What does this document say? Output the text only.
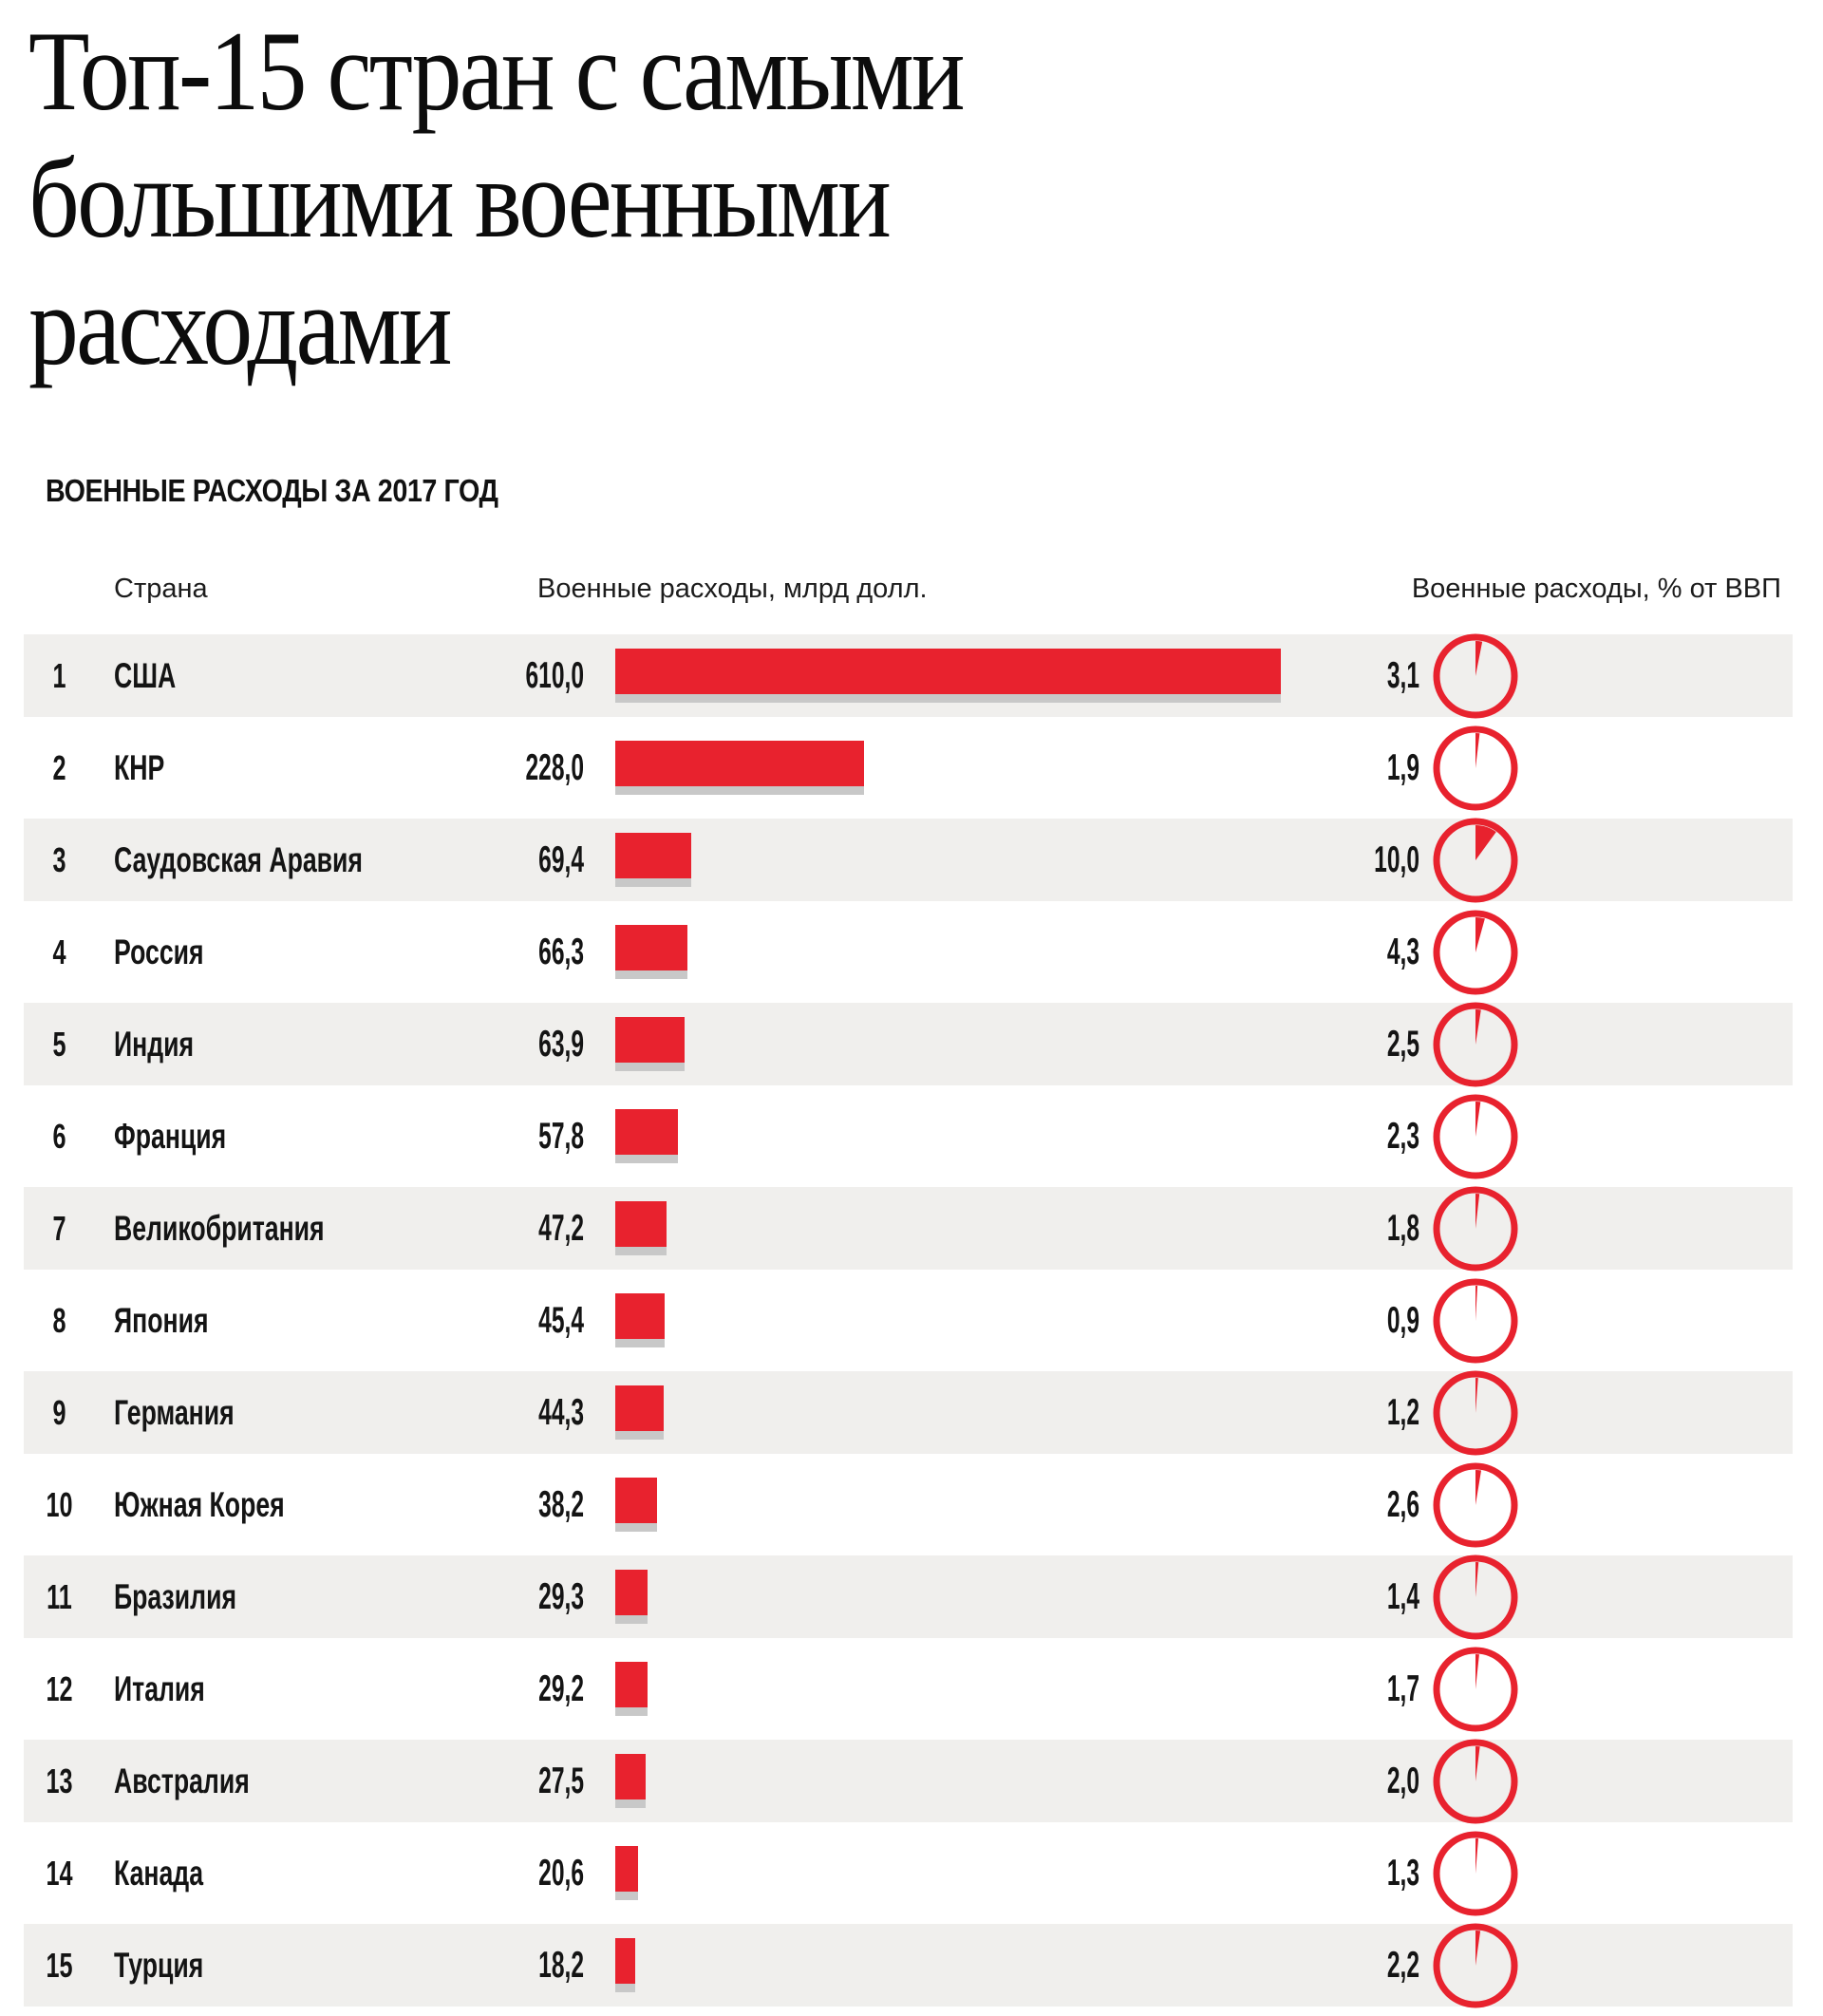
Топ-15 стран с самыми
большими военными
расходами
ВОЕННЫЕ РАСХОДЫ ЗА 2017 ГОД
Страна	Военные расходы, млрд долл.	Военные расходы, % от ВВП
1	США	610,0	3,1
2	КНР	228,0	1,9
3	Саудовская Аравия	69,4	10,0
4	Россия	66,3	4,3
5	Индия	63,9	2,5
6	Франция	57,8	2,3
7	Великобритания	47,2	1,8
8	Япония	45,4	0,9
9	Германия	44,3	1,2
10	Южная Корея	38,2	2,6
11	Бразилия	29,3	1,4
12	Италия	29,2	1,7
13	Австралия	27,5	2,0
14	Канада	20,6	1,3
15	Турция	18,2	2,2
